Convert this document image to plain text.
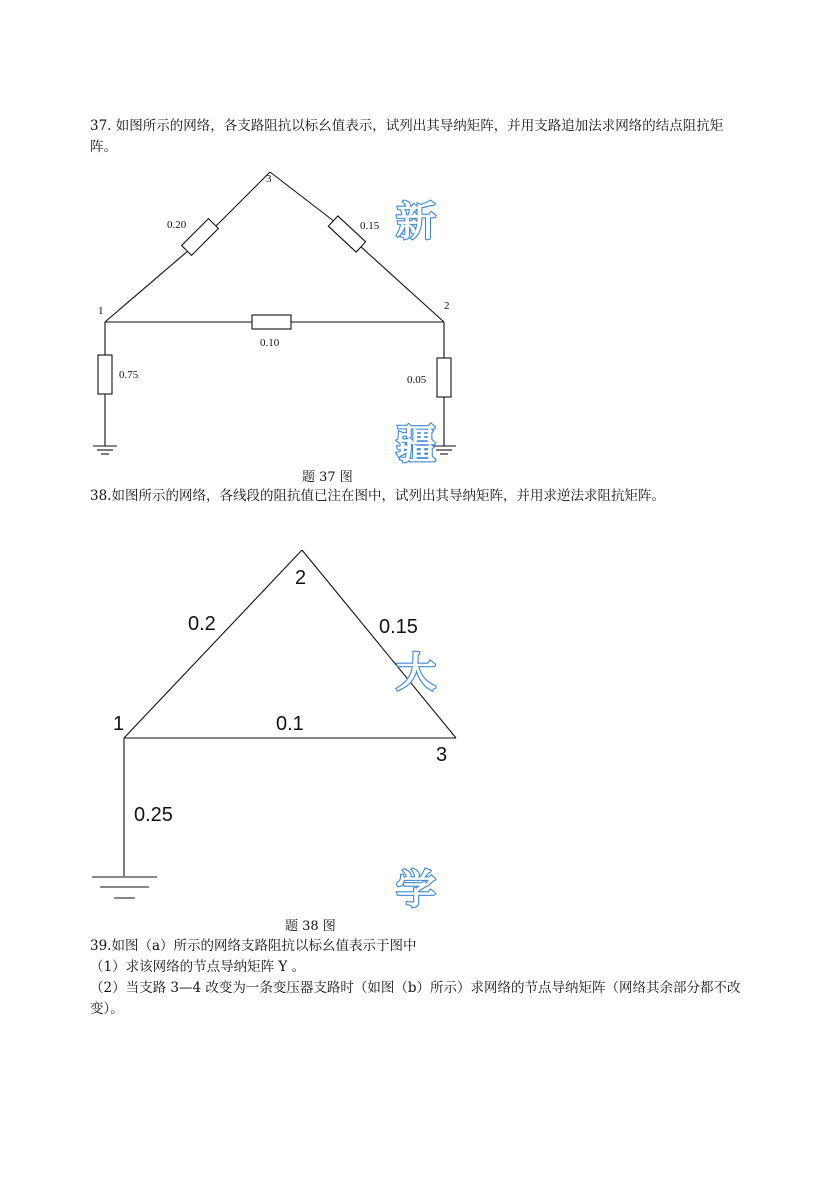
37. 如图所示的网络，各支路阻抗以标幺值表示，试列出其导纳矩阵，并用支路追加法求网络的结点阻抗矩阵。
3
1	2
0.20	0.15
0.10
0.75	0.05
2
1
3
0.2	0.15
0.1
0.25
新
疆
大
学
题 37 图
38.如图所示的网络，各线段的阻抗值已注在图中，试列出其导纳矩阵，并用求逆法求阻抗矩阵。
题 38 图
39.如图（a）所示的网络支路阻抗以标幺值表示于图中
（1）求该网络的节点导纳矩阵 Y 。
（2）当支路 3—4 改变为一条变压器支路时（如图（b）所示）求网络的节点导纳矩阵（网络其余部分都不改变）。
